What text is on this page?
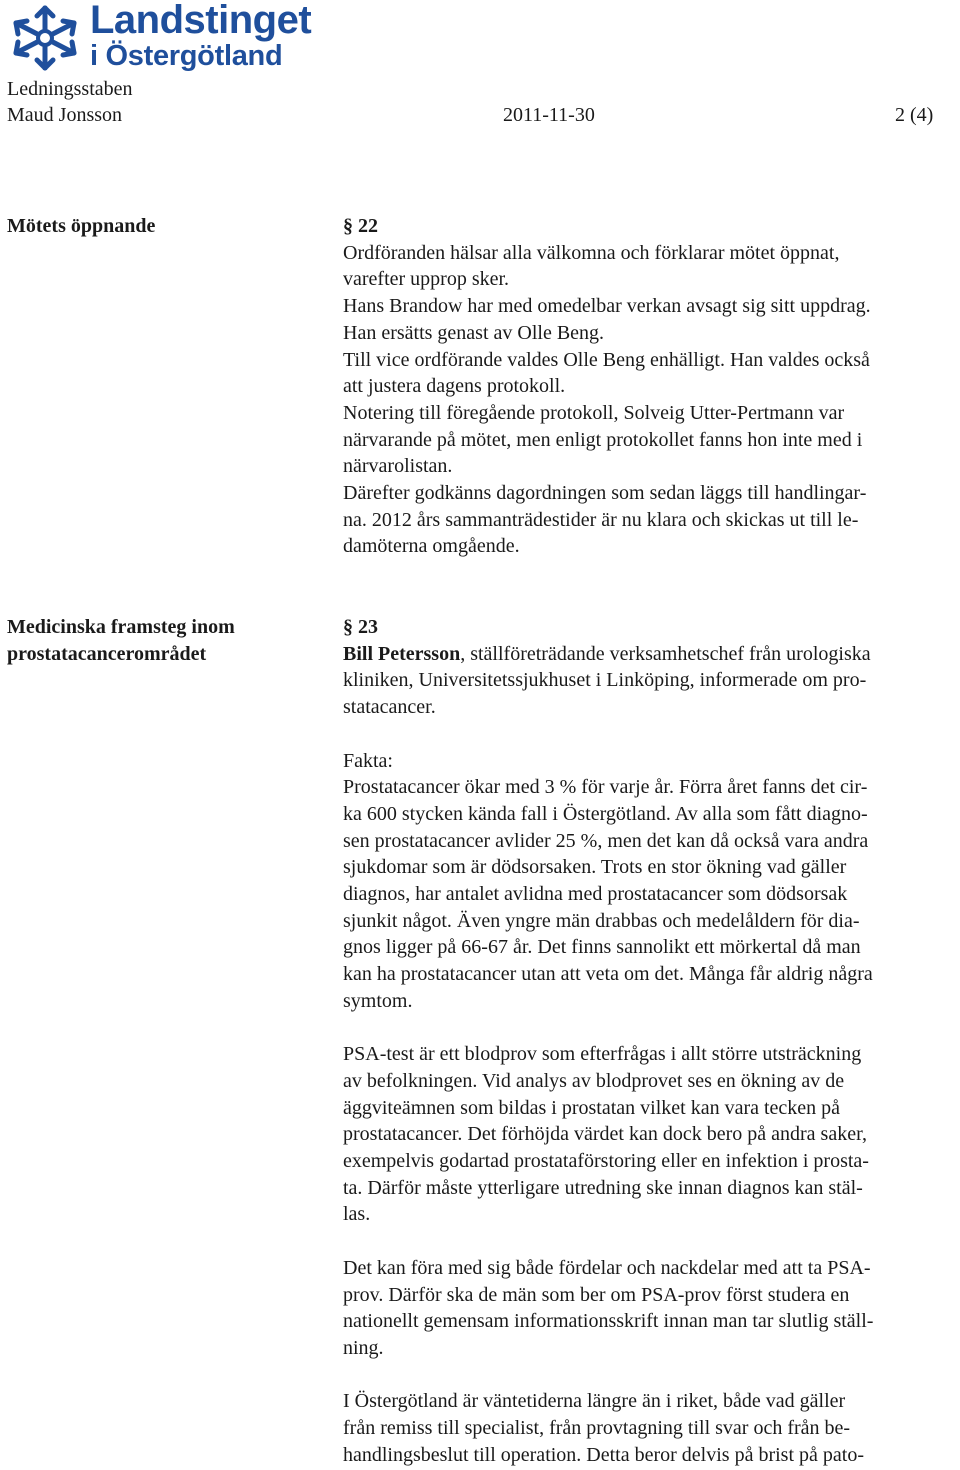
Landstinget
i Östergötland
Ledningsstaben
Maud Jonsson	2011-11-30	2 (4)
Mötets öppnande	§ 22

Ordföranden hälsar alla välkomna och förklarar mötet öppnat,

varefter upprop sker.

Hans Brandow har med omedelbar verkan avsagt sig sitt uppdrag.

Han ersätts genast av Olle Beng.

Till vice ordförande valdes Olle Beng enhälligt. Han valdes också

att justera dagens protokoll.

Notering till föregående protokoll, Solveig Utter-Pertmann var

närvarande på mötet, men enligt protokollet fanns hon inte med i

närvarolistan.

Därefter godkänns dagordningen som sedan läggs till handlingar-

na. 2012 års sammanträdestider är nu klara och skickas ut till le-

damöterna omgående.

Medicinska framsteg inom
prostatacancerområdet

§ 23

Bill Petersson, ställföreträdande verksamhetschef från urologiska

kliniken, Universitetssjukhuset i Linköping, informerade om pro-

statacancer.

Fakta:

Prostatacancer ökar med 3 % för varje år. Förra året fanns det cir-

ka 600 stycken kända fall i Östergötland. Av alla som fått diagno-

sen prostatacancer avlider 25 %, men det kan då också vara andra

sjukdomar som är dödsorsaken. Trots en stor ökning vad gäller

diagnos, har antalet avlidna med prostatacancer som dödsorsak

sjunkit något. Även yngre män drabbas och medelåldern för dia-

gnos ligger på 66-67 år. Det finns sannolikt ett mörkertal då man

kan ha prostatacancer utan att veta om det. Många får aldrig några

symtom.

PSA-test är ett blodprov som efterfrågas i allt större utsträckning

av befolkningen. Vid analys av blodprovet ses en ökning av de

äggviteämnen som bildas i prostatan vilket kan vara tecken på

prostatacancer. Det förhöjda värdet kan dock bero på andra saker,

exempelvis godartad prostataförstoring eller en infektion i prosta-

ta. Därför måste ytterligare utredning ske innan diagnos kan stäl-

las.

Det kan föra med sig både fördelar och nackdelar med att ta PSA-

prov. Därför ska de män som ber om PSA-prov först studera en

nationellt gemensam informationsskrift innan man tar slutlig ställ-

ning.

I Östergötland är väntetiderna längre än i riket, både vad gäller

från remiss till specialist, från provtagning till svar och från be-

handlingsbeslut till operation. Detta beror delvis på brist på pato-
